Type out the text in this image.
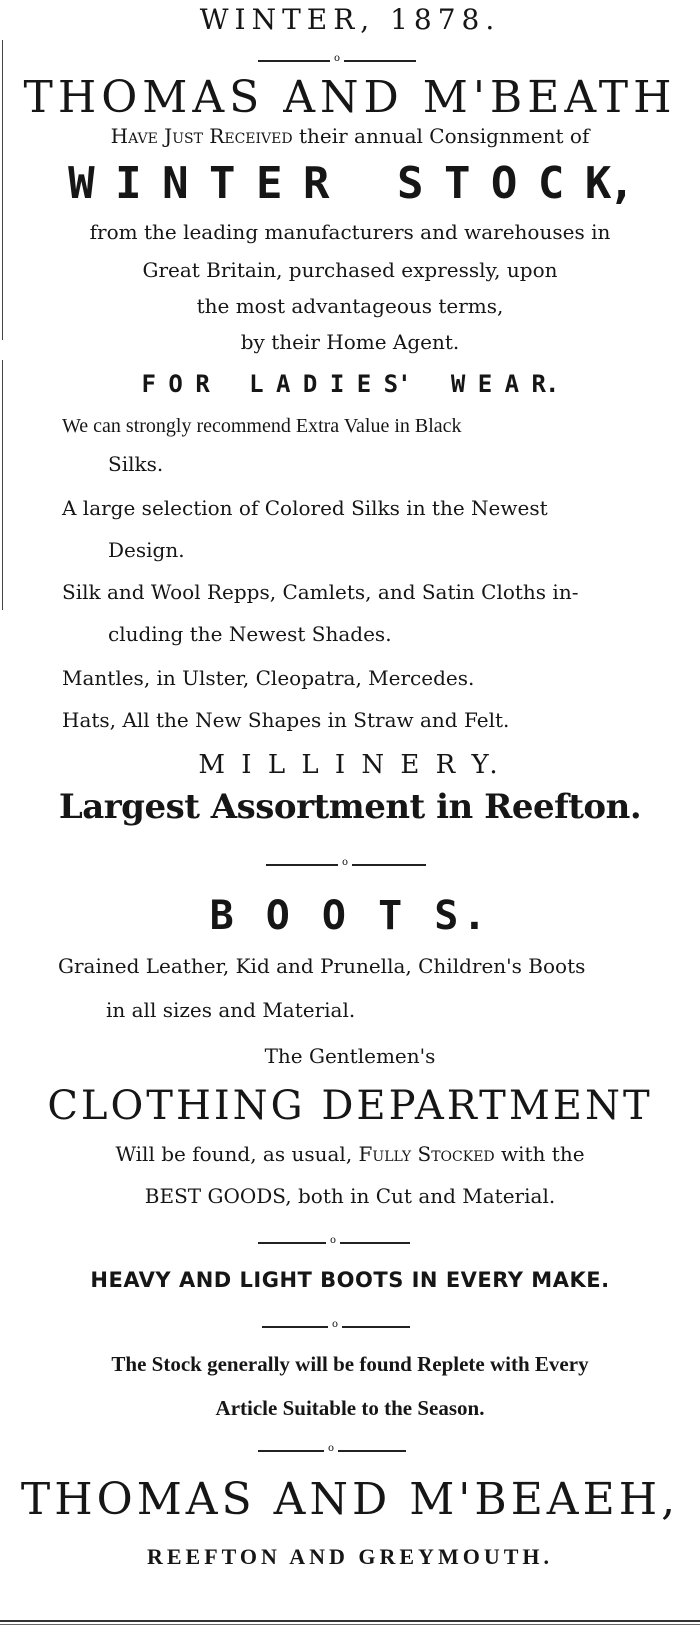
WINTER, 1878.
o
THOMAS AND M'BEATH
Have Just Received their annual Consignment of
W I N T E R   S T O C K,
from the leading manufacturers and warehouses in
Great Britain, purchased expressly, upon
the most advantageous terms,
by their Home Agent.
F O R   L A D I E S'   W E A R.
We can strongly recommend Extra Value in Black
Silks.
A large selection of Colored Silks in the Newest
Design.
Silk and Wool Repps, Camlets, and Satin Cloths in-
cluding the Newest Shades.
Mantles, in Ulster, Cleopatra, Mercedes.
Hats, All the New Shapes in Straw and Felt.
M I L L I N E R Y.
Largest Assortment in Reefton.
o
B O O T S.
Grained Leather, Kid and Prunella, Children's Boots
in all sizes and Material.
The Gentlemen's
CLOTHING DEPARTMENT
Will be found, as usual, Fully Stocked with the
BEST GOODS, both in Cut and Material.
o
HEAVY AND LIGHT BOOTS IN EVERY MAKE.
o
The Stock generally will be found Replete with Every
Article Suitable to the Season.
o
THOMAS AND M'BEAEH,
REEFTON AND GREYMOUTH.
